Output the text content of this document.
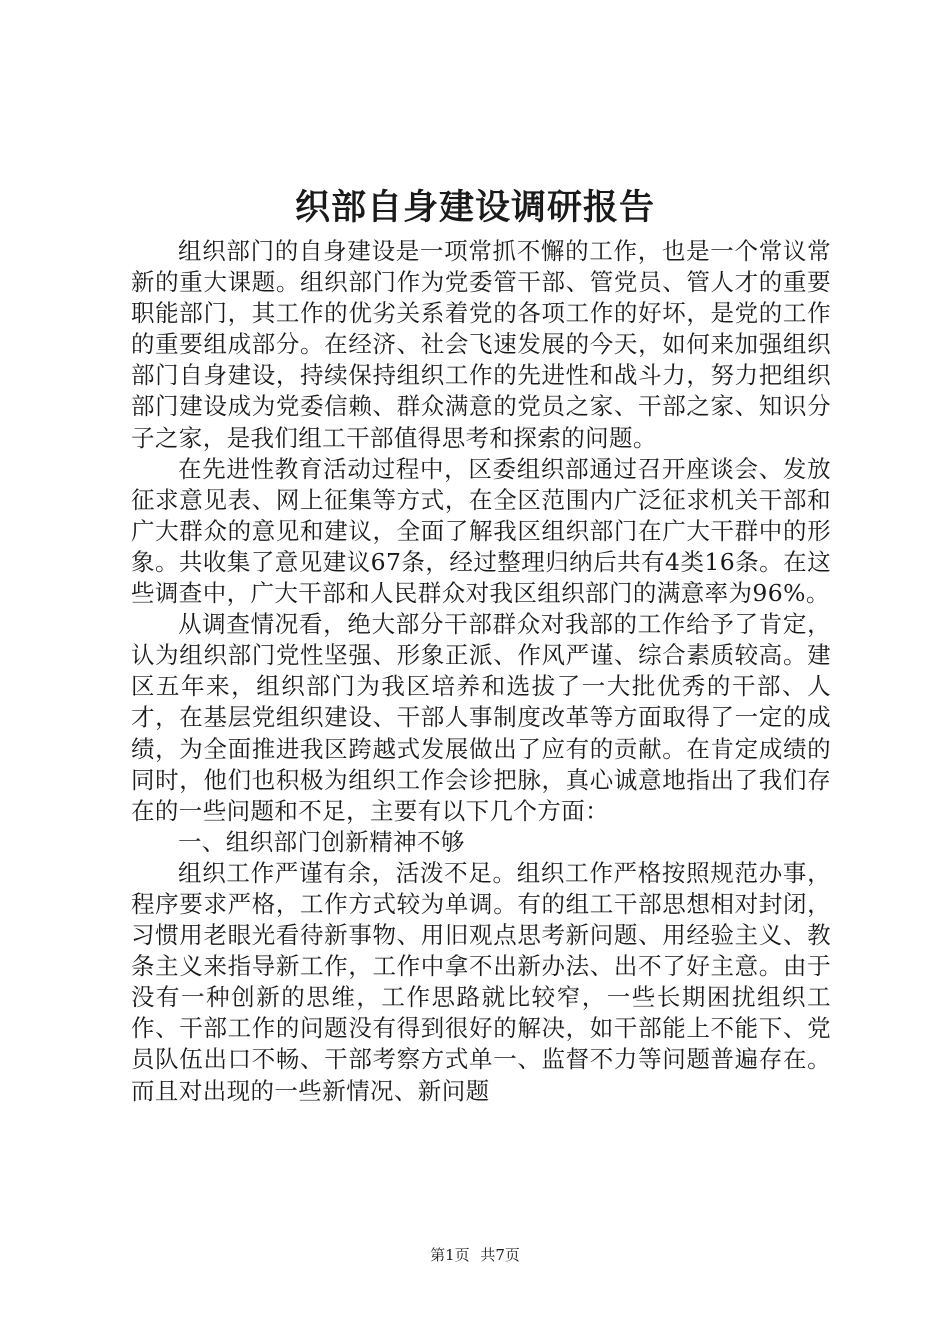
织部自身建设调研报告

组织部门的自身建设是一项常抓不懈的工作，也是一个常议常新的重大课题。组织部门作为党委管干部、管党员、管人才的重要职能部门，其工作的优劣关系着党的各项工作的好坏，是党的工作的重要组成部分。在经济、社会飞速发展的今天，如何来加强组织部门自身建设，持续保持组织工作的先进性和战斗力，努力把组织部门建设成为党委信赖、群众满意的党员之家、干部之家、知识分子之家，是我们组工干部值得思考和探索的问题。

在先进性教育活动过程中，区委组织部通过召开座谈会、发放征求意见表、网上征集等方式，在全区范围内广泛征求机关干部和广大群众的意见和建议，全面了解我区组织部门在广大干群中的形象。共收集了意见建议67条，经过整理归纳后共有4类16条。在这些调查中，广大干部和人民群众对我区组织部门的满意率为96%。

从调查情况看，绝大部分干部群众对我部的工作给予了肯定，认为组织部门党性坚强、形象正派、作风严谨、综合素质较高。建区五年来，组织部门为我区培养和选拔了一大批优秀的干部、人才，在基层党组织建设、干部人事制度改革等方面取得了一定的成绩，为全面推进我区跨越式发展做出了应有的贡献。在肯定成绩的同时，他们也积极为组织工作会诊把脉，真心诚意地指出了我们存在的一些问题和不足，主要有以下几个方面：

一、组织部门创新精神不够

组织工作严谨有余，活泼不足。组织工作严格按照规范办事，程序要求严格，工作方式较为单调。有的组工干部思想相对封闭，习惯用老眼光看待新事物、用旧观点思考新问题、用经验主义、教条主义来指导新工作，工作中拿不出新办法、出不了好主意。由于没有一种创新的思维，工作思路就比较窄，一些长期困扰组织工作、干部工作的问题没有得到很好的解决，如干部能上不能下、党员队伍出口不畅、干部考察方式单一、监督不力等问题普遍存在。而且对出现的一些新情况、新问题

第1页 共7页
